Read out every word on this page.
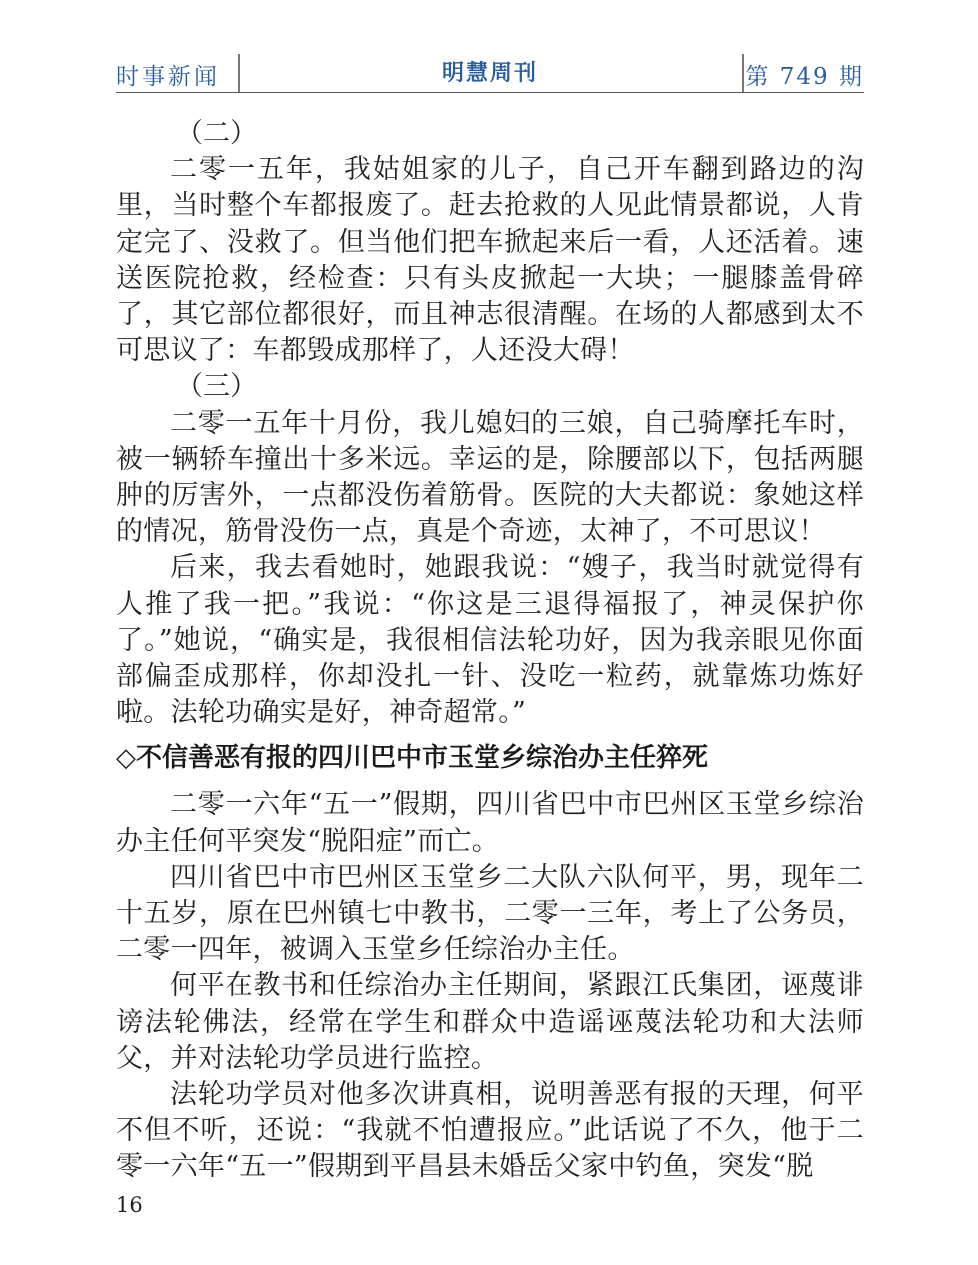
时事新闻	明慧周刊	第 749 期

（二）

二零一五年，我姑姐家的儿子，自己开车翻到路边的沟里，当时整个车都报废了。赶去抢救的人见此情景都说，人肯定完了、没救了。但当他们把车掀起来后一看，人还活着。速送医院抢救，经检查：只有头皮掀起一大块；一腿膝盖骨碎了，其它部位都很好，而且神志很清醒。在场的人都感到太不可思议了：车都毁成那样了，人还没大碍！

（三）

二零一五年十月份，我儿媳妇的三娘，自己骑摩托车时，被一辆轿车撞出十多米远。幸运的是，除腰部以下，包括两腿肿的厉害外，一点都没伤着筋骨。医院的大夫都说：象她这样的情况，筋骨没伤一点，真是个奇迹，太神了，不可思议！

后来，我去看她时，她跟我说：“嫂子，我当时就觉得有人推了我一把。”我说：“你这是三退得福报了，神灵保护你了。”她说，“确实是，我很相信法轮功好，因为我亲眼见你面部偏歪成那样，你却没扎一针、没吃一粒药，就靠炼功炼好啦。法轮功确实是好，神奇超常。”

◇不信善恶有报的四川巴中市玉堂乡综治办主任猝死

二零一六年“五一”假期，四川省巴中市巴州区玉堂乡综治办主任何平突发“脱阳症”而亡。

四川省巴中市巴州区玉堂乡二大队六队何平，男，现年二十五岁，原在巴州镇七中教书，二零一三年，考上了公务员，二零一四年，被调入玉堂乡任综治办主任。

何平在教书和任综治办主任期间，紧跟江氏集团，诬蔑诽谤法轮佛法，经常在学生和群众中造谣诬蔑法轮功和大法师父，并对法轮功学员进行监控。

法轮功学员对他多次讲真相，说明善恶有报的天理，何平不但不听，还说：“我就不怕遭报应。”此话说了不久，他于二零一六年“五一”假期到平昌县未婚岳父家中钓鱼，突发“脱

16
